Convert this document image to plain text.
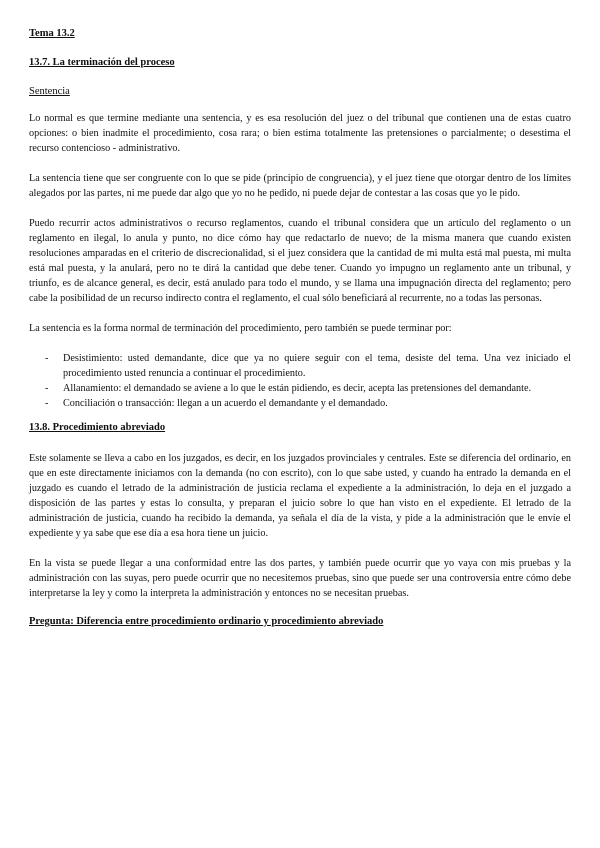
Tema 13.2
13.7. La terminación del proceso
Sentencia

Lo normal es que termine mediante una sentencia, y es esa resolución del juez o del tribunal que contienen una de estas cuatro opciones: o bien inadmite el procedimiento, cosa rara; o bien estima totalmente las pretensiones o parcialmente; o desestima el recurso contencioso - administrativo.

La sentencia tiene que ser congruente con lo que se pide (principio de congruencia), y el juez tiene que otorgar dentro de los límites alegados por las partes, ni me puede dar algo que yo no he pedido, ni puede dejar de contestar a las cosas que yo le pido.

Puedo recurrir actos administrativos o recurso reglamentos, cuando el tribunal considera que un artículo del reglamento o un reglamento en ilegal, lo anula y punto, no dice cómo hay que redactarlo de nuevo; de la misma manera que cuando existen resoluciones amparadas en el criterio de discrecionalidad, si el juez considera que la cantidad de mi multa está mal puesta, mi multa está mal puesta, y la anulará, pero no te dirá la cantidad que debe tener. Cuando yo impugno un reglamento ante un tribunal, y triunfo, es de alcance general, es decir, está anulado para todo el mundo, y se llama una impugnación directa del reglamento; pero cabe la posibilidad de un recurso indirecto contra el reglamento, el cual sólo beneficiará al recurrente, no a todas las personas.

La sentencia es la forma normal de terminación del procedimiento, pero también se puede terminar por:

- Desistimiento: usted demandante, dice que ya no quiere seguir con el tema, desiste del tema. Una vez iniciado el procedimiento usted renuncia a continuar el procedimiento.
- Allanamiento: el demandado se aviene a lo que le están pidiendo, es decir, acepta las pretensiones del demandante.
- Conciliación o transacción: llegan a un acuerdo el demandante y el demandado.
13.8. Procedimiento abreviado

Este solamente se lleva a cabo en los juzgados, es decir, en los juzgados provinciales y centrales. Este se diferencia del ordinario, en que en este directamente iniciamos con la demanda (no con escrito), con lo que sabe usted, y cuando ha entrado la demanda en el juzgado es cuando el letrado de la administración de justicia reclama el expediente a la administración, lo deja en el juzgado a disposición de las partes y estas lo consulta, y preparan el juicio sobre lo que han visto en el expediente. El letrado de la administración de justicia, cuando ha recibido la demanda, ya señala el día de la vista, y pide a la administración que le envíe el expediente y ya sabe que ese día a esa hora tiene un juicio.

En la vista se puede llegar a una conformidad entre las dos partes, y también puede ocurrir que yo vaya con mis pruebas y la administración con las suyas, pero puede ocurrir que no necesitemos pruebas, sino que puede ser una controversia entre cómo debe interpretarse la ley y como la interpreta la administración y entonces no se necesitan pruebas.

Pregunta: Diferencia entre procedimiento ordinario y procedimiento abreviado
